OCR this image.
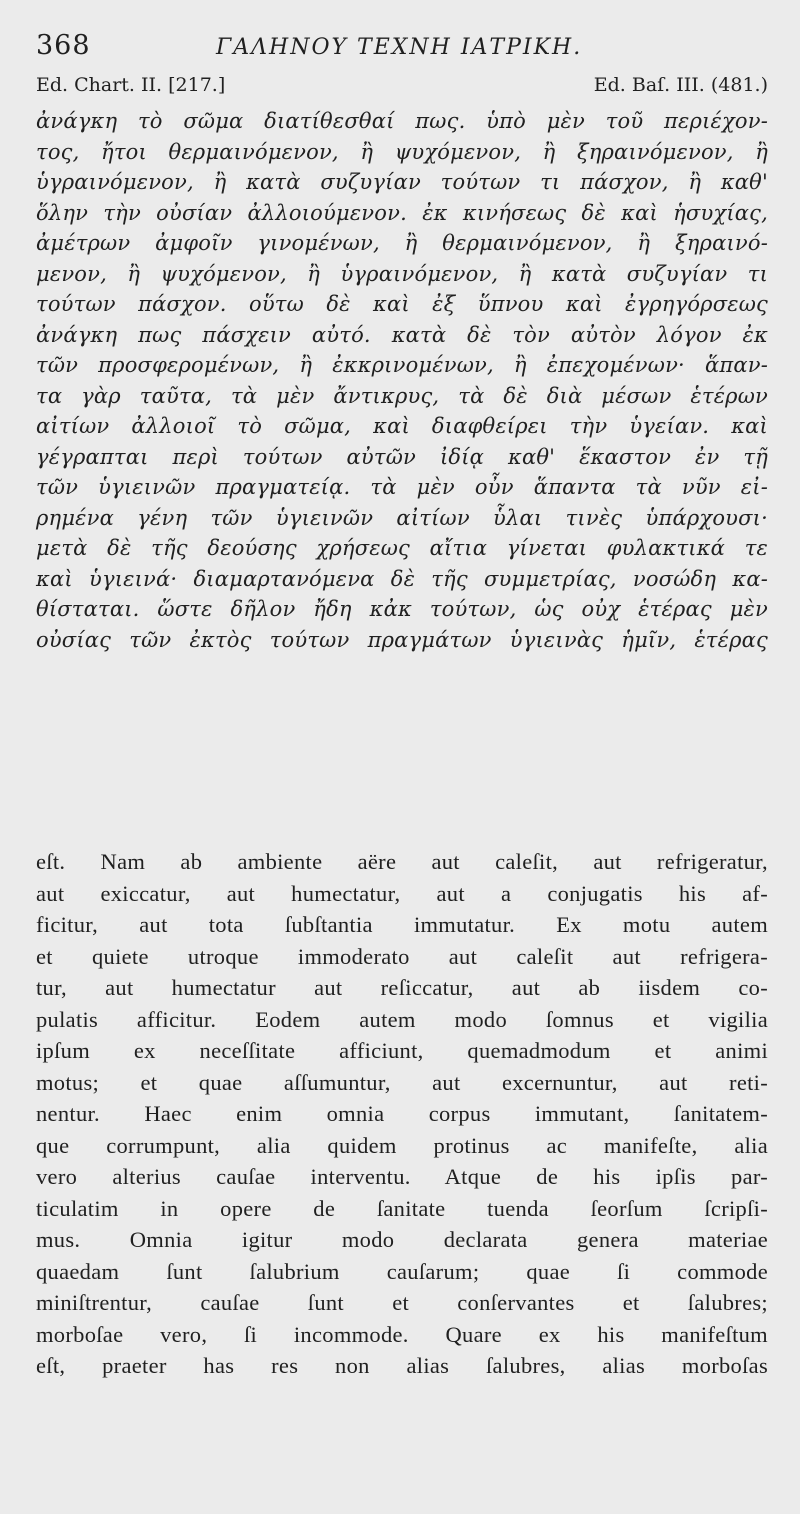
368	ΓΑΛΗΝΟΥ ΤΕΧΝΗ ΙΑΤΡΙΚΗ.
Ed. Chart. II. [217.]	Ed. Baſ. III. (481.)
ἀνάγκη τὸ σῶμα διατίθεσθαί πως. ὑπὸ μὲν τοῦ περιέχον-
τος, ἤτοι θερμαινόμενον, ἢ ψυχόμενον, ἢ ξηραινόμενον, ἢ
ὑγραινόμενον, ἢ κατὰ συζυγίαν τούτων τι πάσχον, ἢ καθ'
ὅλην τὴν οὐσίαν ἀλλοιούμενον. ἐκ κινήσεως δὲ καὶ ἡσυχίας,
ἀμέτρων ἀμφοῖν γινομένων, ἢ θερμαινόμενον, ἢ ξηραινό-
μενον, ἢ ψυχόμενον, ἢ ὑγραινόμενον, ἢ κατὰ συζυγίαν τι
τούτων πάσχον. οὕτω δὲ καὶ ἐξ ὕπνου καὶ ἐγρηγόρσεως
ἀνάγκη πως πάσχειν αὐτό. κατὰ δὲ τὸν αὐτὸν λόγον ἐκ
τῶν προσφερομένων, ἢ ἐκκρινομένων, ἢ ἐπεχομένων· ἅπαν-
τα γὰρ ταῦτα, τὰ μὲν ἄντικρυς, τὰ δὲ διὰ μέσων ἑτέρων
αἰτίων ἀλλοιοῖ τὸ σῶμα, καὶ διαφθείρει τὴν ὑγείαν. καὶ
γέγραπται περὶ τούτων αὐτῶν ἰδίᾳ καθ' ἕκαστον ἐν τῇ
τῶν ὑγιεινῶν πραγματείᾳ. τὰ μὲν οὖν ἅπαντα τὰ νῦν εἰ-
ρημένα γένη τῶν ὑγιεινῶν αἰτίων ὗλαι τινὲς ὑπάρχουσι·
μετὰ δὲ τῆς δεούσης χρήσεως αἴτια γίνεται φυλακτικά τε
καὶ ὑγιεινά· διαμαρτανόμενα δὲ τῆς συμμετρίας, νοσώδη κα-
θίσταται. ὥστε δῆλον ἤδη κἀκ τούτων, ὡς οὐχ ἑτέρας μὲν
οὐσίας τῶν ἐκτὸς τούτων πραγμάτων ὑγιεινὰς ἡμῖν, ἑτέρας
eſt. Nam ab ambiente aëre aut caleſit, aut refrigeratur,
aut exiccatur, aut humectatur, aut a conjugatis his af-
ficitur, aut tota ſubſtantia immutatur. Ex motu autem
et quiete utroque immoderato aut caleſit aut refrigera-
tur, aut humectatur aut reſiccatur, aut ab iisdem co-
pulatis afficitur. Eodem autem modo ſomnus et vigilia
ipſum ex neceſſitate afficiunt, quemadmodum et animi
motus; et quae aſſumuntur, aut excernuntur, aut reti-
nentur. Haec enim omnia corpus immutant, ſanitatem-
que corrumpunt, alia quidem protinus ac manifeſte, alia
vero alterius cauſae interventu. Atque de his ipſis par-
ticulatim in opere de ſanitate tuenda ſeorſum ſcripſi-
mus. Omnia igitur modo declarata genera materiae
quaedam ſunt ſalubrium cauſarum; quae ſi commode
miniſtrentur, cauſae ſunt et conſervantes et ſalubres;
morboſae vero, ſi incommode. Quare ex his manifeſtum
eſt, praeter has res non alias ſalubres, alias morboſas
